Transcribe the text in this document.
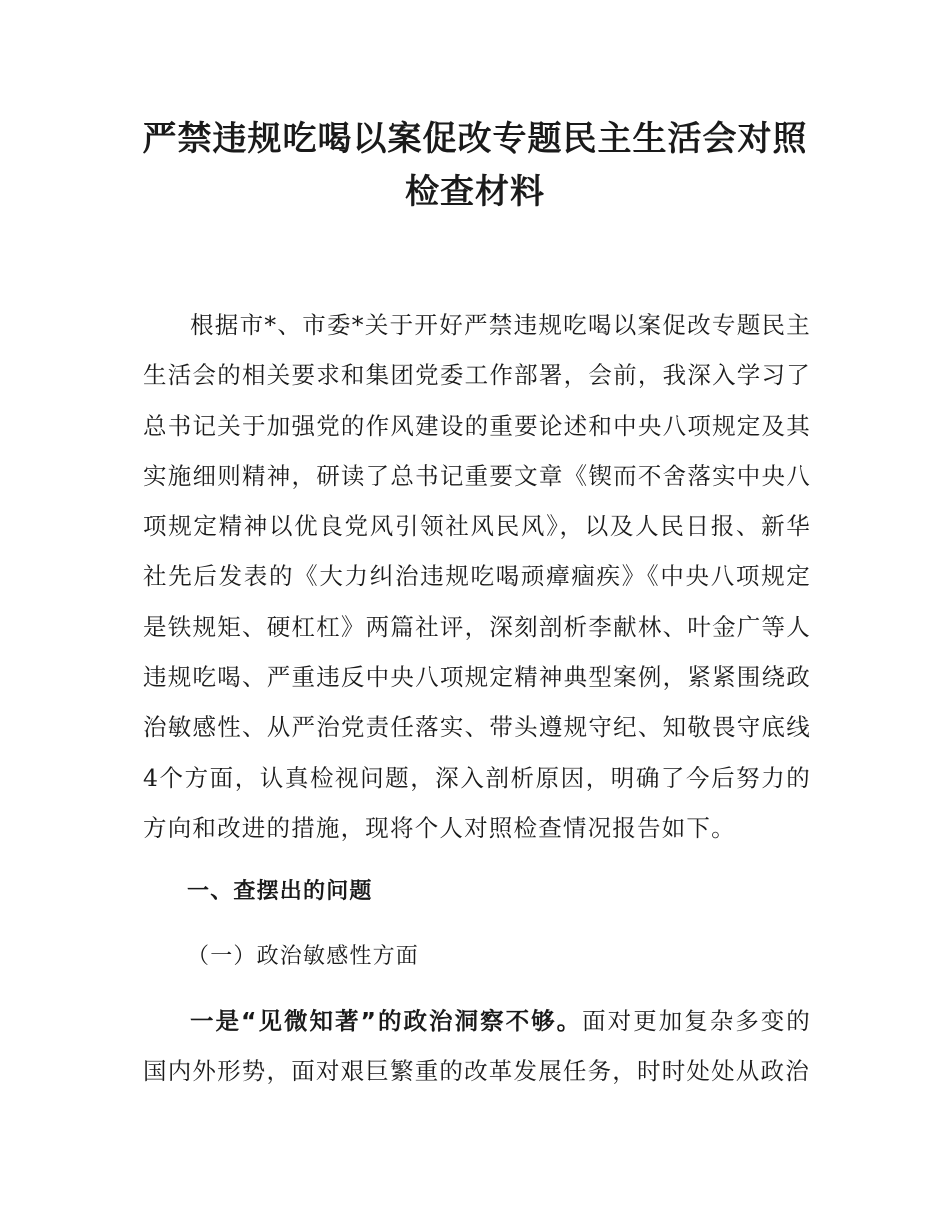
严禁违规吃喝以案促改专题民主生活会对照
检查材料

根据市*、市委*关于开好严禁违规吃喝以案促改专题民主生活会的相关要求和集团党委工作部署，会前，我深入学习了总书记关于加强党的作风建设的重要论述和中央八项规定及其实施细则精神，研读了总书记重要文章《锲而不舍落实中央八项规定精神以优良党风引领社风民风》，以及人民日报、新华社先后发表的《大力纠治违规吃喝顽瘴痼疾》《中央八项规定是铁规矩、硬杠杠》两篇社评，深刻剖析李献林、叶金广等人违规吃喝、严重违反中央八项规定精神典型案例，紧紧围绕政治敏感性、从严治党责任落实、带头遵规守纪、知敬畏守底线4个方面，认真检视问题，深入剖析原因，明确了今后努力的方向和改进的措施，现将个人对照检查情况报告如下。

一、查摆出的问题

（一）政治敏感性方面

一是“见微知著”的政治洞察不够。面对更加复杂多变的国内外形势，面对艰巨繁重的改革发展任务，时时处处从政治
